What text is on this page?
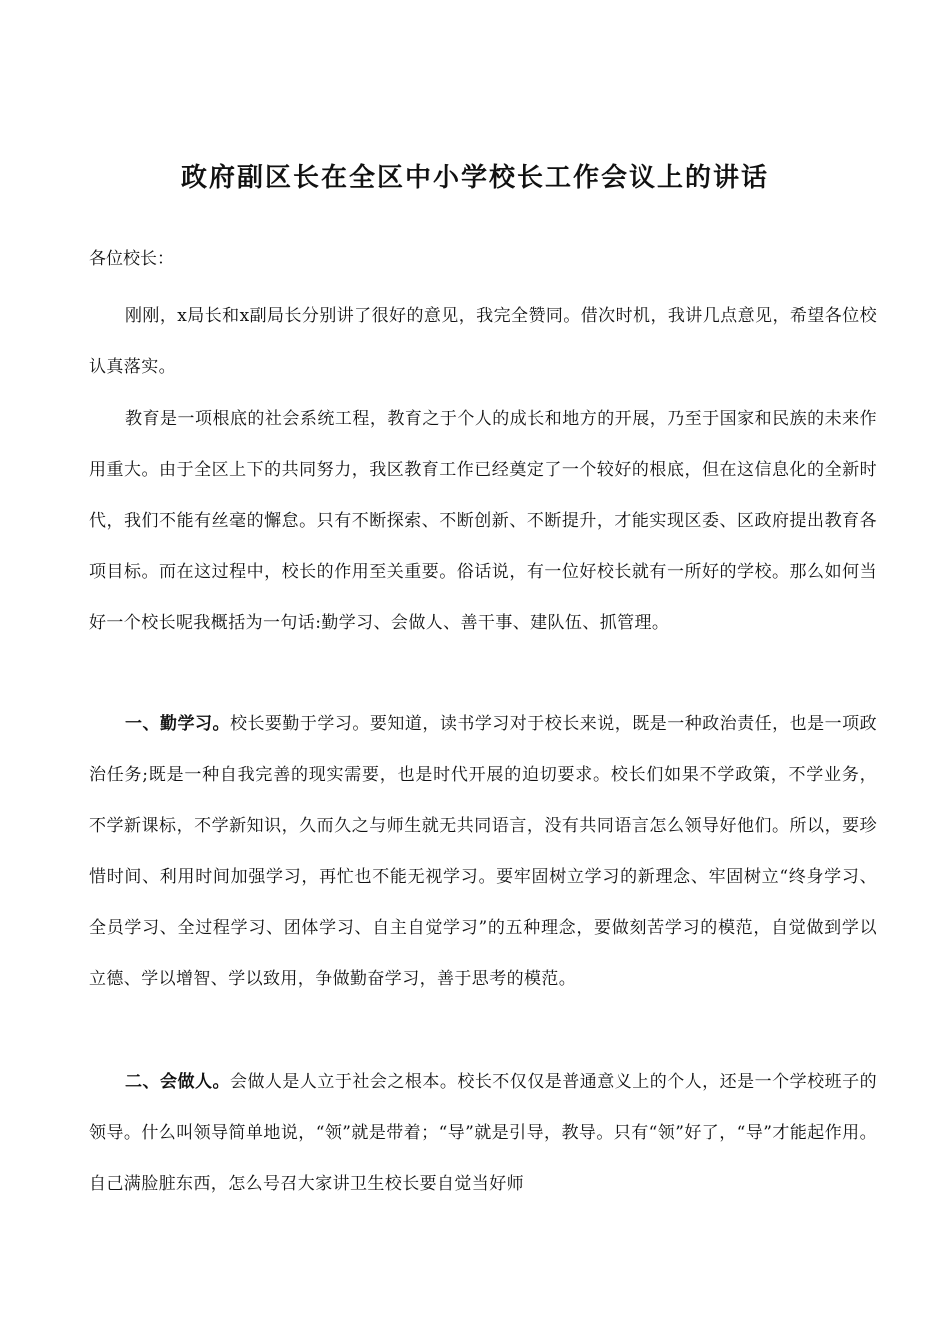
政府副区长在全区中小学校长工作会议上的讲话
各位校长：

刚刚，x局长和x副局长分别讲了很好的意见，我完全赞同。借次时机，我讲几点意见，希望各位校认真落实。

教育是一项根底的社会系统工程，教育之于个人的成长和地方的开展，乃至于国家和民族的未来作用重大。由于全区上下的共同努力，我区教育工作已经奠定了一个较好的根底，但在这信息化的全新时代，我们不能有丝毫的懈怠。只有不断探索、不断创新、不断提升，才能实现区委、区政府提出教育各项目标。而在这过程中，校长的作用至关重要。俗话说，有一位好校长就有一所好的学校。那么如何当好一个校长呢我概括为一句话:勤学习、会做人、善干事、建队伍、抓管理。

一、勤学习。校长要勤于学习。要知道，读书学习对于校长来说，既是一种政治责任，也是一项政治任务;既是一种自我完善的现实需要，也是时代开展的迫切要求。校长们如果不学政策，不学业务，不学新课标，不学新知识，久而久之与师生就无共同语言，没有共同语言怎么领导好他们。所以，要珍惜时间、利用时间加强学习，再忙也不能无视学习。要牢固树立学习的新理念、牢固树立“终身学习、全员学习、全过程学习、团体学习、自主自觉学习”的五种理念，要做刻苦学习的模范，自觉做到学以立德、学以增智、学以致用，争做勤奋学习，善于思考的模范。

二、会做人。会做人是人立于社会之根本。校长不仅仅是普通意义上的个人，还是一个学校班子的领导。什么叫领导简单地说，“领”就是带着；“导”就是引导，教导。只有“领”好了，“导”才能起作用。自己满脸脏东西，怎么号召大家讲卫生校长要自觉当好师
